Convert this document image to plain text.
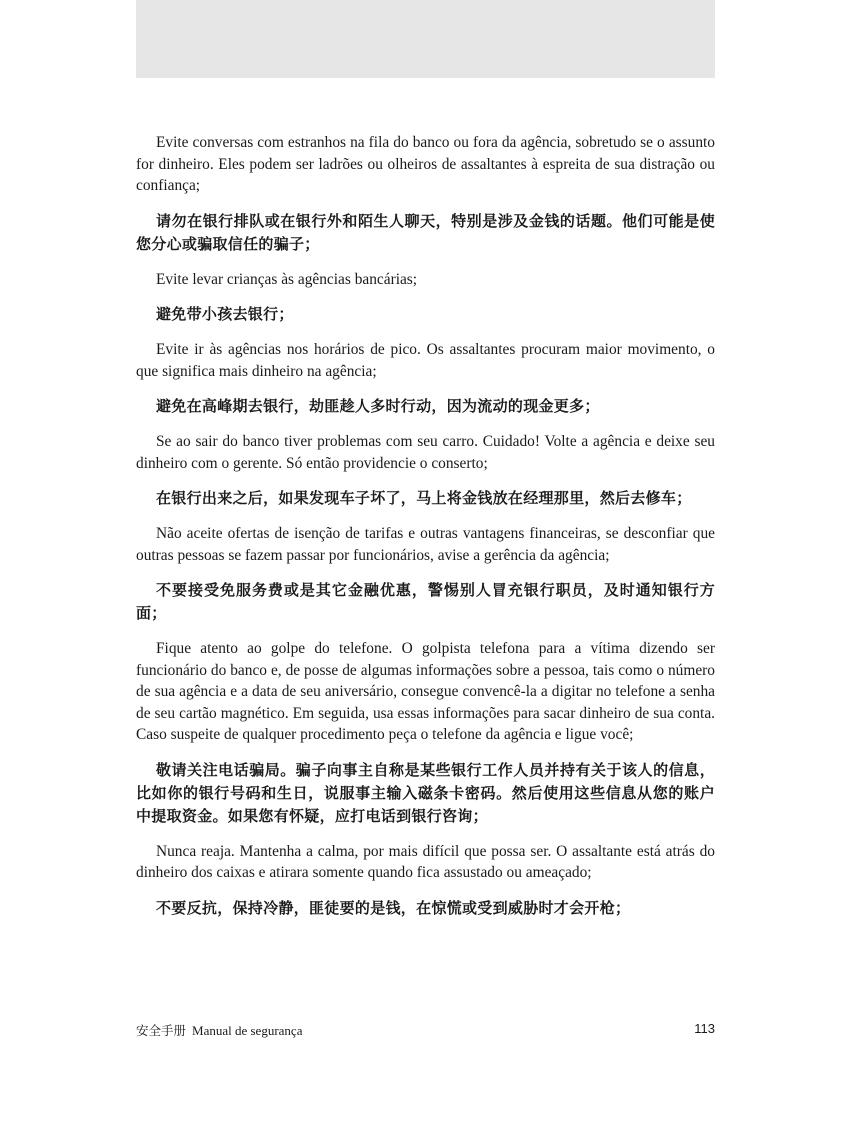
Evite conversas com estranhos na fila do banco ou fora da agência, sobretudo se o assunto for dinheiro. Eles podem ser ladrões ou olheiros de assaltantes à espreita de sua distração ou confiança;

请勿在银行排队或在银行外和陌生人聊天，特别是涉及金钱的话题。他们可能是使您分心或骗取信任的骗子；

Evite levar crianças às agências bancárias;

避免带小孩去银行；

Evite ir às agências nos horários de pico. Os assaltantes procuram maior movimento, o que significa mais dinheiro na agência;

避免在高峰期去银行，劫匪趁人多时行动，因为流动的现金更多；

Se ao sair do banco tiver problemas com seu carro. Cuidado! Volte a agência e deixe seu dinheiro com o gerente. Só então providencie o conserto;

在银行出来之后，如果发现车子坏了，马上将金钱放在经理那里，然后去修车；

Não aceite ofertas de isenção de tarifas e outras vantagens financeiras, se desconfiar que outras pessoas se fazem passar por funcionários, avise a gerência da agência;

不要接受免服务费或是其它金融优惠，警惕别人冒充银行职员，及时通知银行方面；

Fique atento ao golpe do telefone. O golpista telefona para a vítima dizendo ser funcionário do banco e, de posse de algumas informações sobre a pessoa, tais como o número de sua agência e a data de seu aniversário, consegue convencê-la a digitar no telefone a senha de seu cartão magnético. Em seguida, usa essas informações para sacar dinheiro de sua conta. Caso suspeite de qualquer procedimento peça o telefone da agência e ligue você;

敬请关注电话骗局。骗子向事主自称是某些银行工作人员并持有关于该人的信息，比如你的银行号码和生日，说服事主输入磁条卡密码。然后使用这些信息从您的账户中提取资金。如果您有怀疑，应打电话到银行咨询；

Nunca reaja. Mantenha a calma, por mais difícil que possa ser. O assaltante está atrás do dinheiro dos caixas e atirara somente quando fica assustado ou ameaçado;

不要反抗，保持冷静，匪徒要的是钱，在惊慌或受到威胁时才会开枪；

安全手册 Manual de segurança	113
